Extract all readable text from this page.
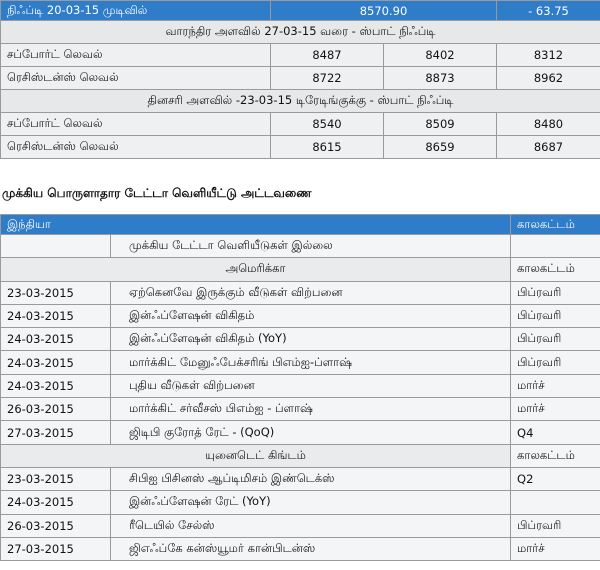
நிஃப்டி 20-03-15 முடிவில்	8570.90		- 63.75
வாரந்திர அளவில் 27-03-15 வரை - ஸ்பாட் நிஃப்டி			
சப்போர்ட் லெவல்	8487	8402	8312
ரெசிஸ்டன்ஸ் லெவல்	8722	8873	8962
தினசரி அளவில் -23-03-15 டிரேடிங்குக்கு - ஸ்பாட் நிஃப்டி			
சப்போர்ட் லெவல்	8540	8509	8480
ரெசிஸ்டன்ஸ் லெவல்	8615	8659	8687
முக்கிய பொருளாதார டேட்டா வெளியீட்டு அட்டவணை
இந்தியா		காலகட்டம்
	முக்கிய டேட்டா வெளியீடுகள் இல்லை	
அமெரிக்கா		காலகட்டம்
23-03-2015	ஏற்கெனவே இருக்கும் வீடுகள் விற்பனை	பிப்ரவரி
24-03-2015	இன்ஃப்ளேஷன் விகிதம்	பிப்ரவரி
24-03-2015	இன்ஃப்ளேஷன் விகிதம் (YoY)	பிப்ரவரி
24-03-2015	மார்க்கிட் மேனுஃபேக்சரிங் பிஎம்ஐ-ப்ளாஷ்	பிப்ரவரி
24-03-2015	புதிய வீடுகள் விற்பனை	மார்ச்
26-03-2015	மார்க்கிட் சர்வீசஸ் பிஎம்ஐ - ப்ளாஷ்	மார்ச்
27-03-2015	ஜிடிபி குரோத் ரேட் - (QoQ)	Q4
யுனைடெட் கிங்டம்		காலகட்டம்
23-03-2015	சிபிஐ பிசினஸ் ஆப்டிமிசம் இண்டெக்ஸ்	Q2
24-03-2015	இன்ஃப்ளேஷன் ரேட் (YoY)	
26-03-2015	ரீடெயில் சேல்ஸ்	பிப்ரவரி
27-03-2015	ஜிஎஃப்கே கன்ஸ்யூமர் கான்பிடன்ஸ்	மார்ச்
